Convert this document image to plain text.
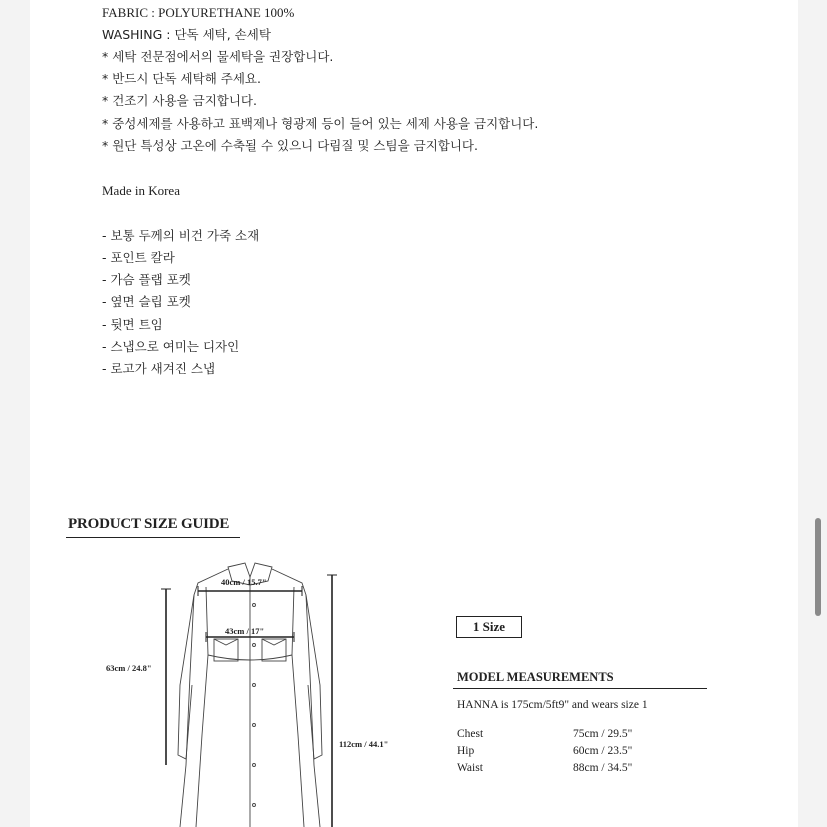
FABRIC : POLYURETHANE 100%
WASHING : 단독 세탁, 손세탁
* 세탁 전문점에서의 물세탁을 권장합니다.
* 반드시 단독 세탁해 주세요.
* 건조기 사용을 금지합니다.
* 중성세제를 사용하고 표백제나 형광제 등이 들어 있는 세제 사용을 금지합니다.
* 원단 특성상 고온에 수축될 수 있으니 다림질 및 스팀을 금지합니다.
Made in Korea
- 보통 두께의 비건 가죽 소재
- 포인트 칼라
- 가슴 플랩 포켓
- 옆면 슬립 포켓
- 뒷면 트임
- 스냅으로 여미는 디자인
- 로고가 새겨진 스냅
PRODUCT SIZE GUIDE
40cm / 15.7"
43cm / 17"
63cm / 24.8"
112cm / 44.1"
1 Size
MODEL MEASUREMENTS
HANNA is 175cm/5ft9" and wears size 1
Chest	75cm / 29.5"
Hip	60cm / 23.5"
Waist	88cm / 34.5"
